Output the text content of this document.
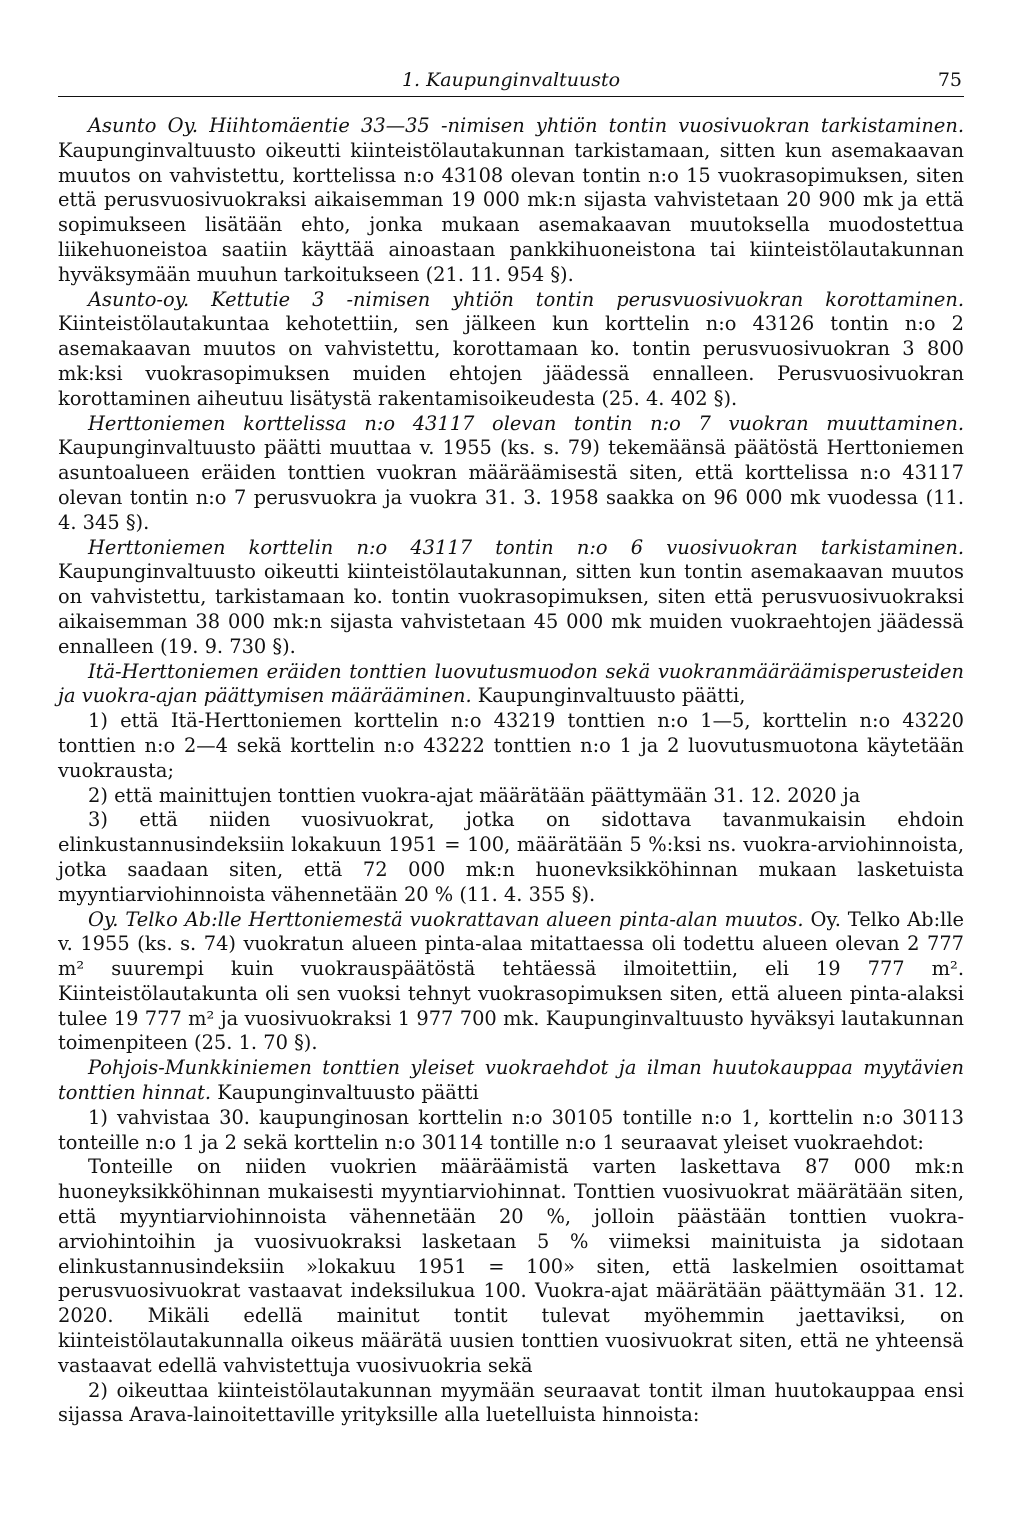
1. Kaupunginvaltuusto	75

Asunto Oy. Hiihtomäentie 33—35 -nimisen yhtiön tontin vuosivuokran tarkistaminen. Kaupunginvaltuusto oikeutti kiinteistölautakunnan tarkistamaan, sitten kun asemakaavan muutos on vahvistettu, korttelissa n:o 43108 olevan tontin n:o 15 vuokrasopimuksen, siten että perusvuosivuokraksi aikaisemman 19 000 mk:n sijasta vahvistetaan 20 900 mk ja että sopimukseen lisätään ehto, jonka mukaan asemakaavan muutoksella muodostettua liikehuoneistoa saatiin käyttää ainoastaan pankkihuoneistona tai kiinteistölautakunnan hyväksymään muuhun tarkoitukseen (21. 11. 954 §).

Asunto-oy. Kettutie 3 -nimisen yhtiön tontin perusvuosivuokran korottaminen. Kiinteistölautakuntaa kehotettiin, sen jälkeen kun korttelin n:o 43126 tontin n:o 2 asemakaavan muutos on vahvistettu, korottamaan ko. tontin perusvuosivuokran 3 800 mk:ksi vuokrasopimuksen muiden ehtojen jäädessä ennalleen. Perusvuosivuokran korottaminen aiheutuu lisätystä rakentamisoikeudesta (25. 4. 402 §).

Herttoniemen korttelissa n:o 43117 olevan tontin n:o 7 vuokran muuttaminen. Kaupunginvaltuusto päätti muuttaa v. 1955 (ks. s. 79) tekemäänsä päätöstä Herttoniemen asuntoalueen eräiden tonttien vuokran määräämisestä siten, että korttelissa n:o 43117 olevan tontin n:o 7 perusvuokra ja vuokra 31. 3. 1958 saakka on 96 000 mk vuodessa (11. 4. 345 §).

Herttoniemen korttelin n:o 43117 tontin n:o 6 vuosivuokran tarkistaminen. Kaupunginvaltuusto oikeutti kiinteistölautakunnan, sitten kun tontin asemakaavan muutos on vahvistettu, tarkistamaan ko. tontin vuokrasopimuksen, siten että perusvuosivuokraksi aikaisemman 38 000 mk:n sijasta vahvistetaan 45 000 mk muiden vuokraehtojen jäädessä ennalleen (19. 9. 730 §).

Itä-Herttoniemen eräiden tonttien luovutusmuodon sekä vuokranmääräämisperusteiden ja vuokra-ajan päättymisen määrääminen. Kaupunginvaltuusto päätti,

1) että Itä-Herttoniemen korttelin n:o 43219 tonttien n:o 1—5, korttelin n:o 43220 tonttien n:o 2—4 sekä korttelin n:o 43222 tonttien n:o 1 ja 2 luovutusmuotona käytetään vuokrausta;

2) että mainittujen tonttien vuokra-ajat määrätään päättymään 31. 12. 2020 ja

3) että niiden vuosivuokrat, jotka on sidottava tavanmukaisin ehdoin elinkustannusindeksiin lokakuun 1951 = 100, määrätään 5 %:ksi ns. vuokra-arviohinnoista, jotka saadaan siten, että 72 000 mk:n huonevksikköhinnan mukaan lasketuista myyntiarviohinnoista vähennetään 20 % (11. 4. 355 §).

Oy. Telko Ab:lle Herttoniemestä vuokrattavan alueen pinta-alan muutos. Oy. Telko Ab:lle v. 1955 (ks. s. 74) vuokratun alueen pinta-alaa mitattaessa oli todettu alueen olevan 2 777 m² suurempi kuin vuokrauspäätöstä tehtäessä ilmoitettiin, eli 19 777 m². Kiinteistölautakunta oli sen vuoksi tehnyt vuokrasopimuksen siten, että alueen pinta-alaksi tulee 19 777 m² ja vuosivuokraksi 1 977 700 mk. Kaupunginvaltuusto hyväksyi lautakunnan toimenpiteen (25. 1. 70 §).

Pohjois-Munkkiniemen tonttien yleiset vuokraehdot ja ilman huutokauppaa myytävien tonttien hinnat. Kaupunginvaltuusto päätti

1) vahvistaa 30. kaupunginosan korttelin n:o 30105 tontille n:o 1, korttelin n:o 30113 tonteille n:o 1 ja 2 sekä korttelin n:o 30114 tontille n:o 1 seuraavat yleiset vuokraehdot:

Tonteille on niiden vuokrien määräämistä varten laskettava 87 000 mk:n huoneyksikköhinnan mukaisesti myyntiarviohinnat. Tonttien vuosivuokrat määrätään siten, että myyntiarviohinnoista vähennetään 20 %, jolloin päästään tonttien vuokra-arviohintoihin ja vuosivuokraksi lasketaan 5 % viimeksi mainituista ja sidotaan elinkustannusindeksiin »lokakuu 1951 = 100» siten, että laskelmien osoittamat perusvuosivuokrat vastaavat indeksilukua 100. Vuokra-ajat määrätään päättymään 31. 12. 2020. Mikäli edellä mainitut tontit tulevat myöhemmin jaettaviksi, on kiinteistölautakunnalla oikeus määrätä uusien tonttien vuosivuokrat siten, että ne yhteensä vastaavat edellä vahvistettuja vuosivuokria sekä

2) oikeuttaa kiinteistölautakunnan myymään seuraavat tontit ilman huutokauppaa ensi sijassa Arava-lainoitettaville yrityksille alla luetelluista hinnoista:
